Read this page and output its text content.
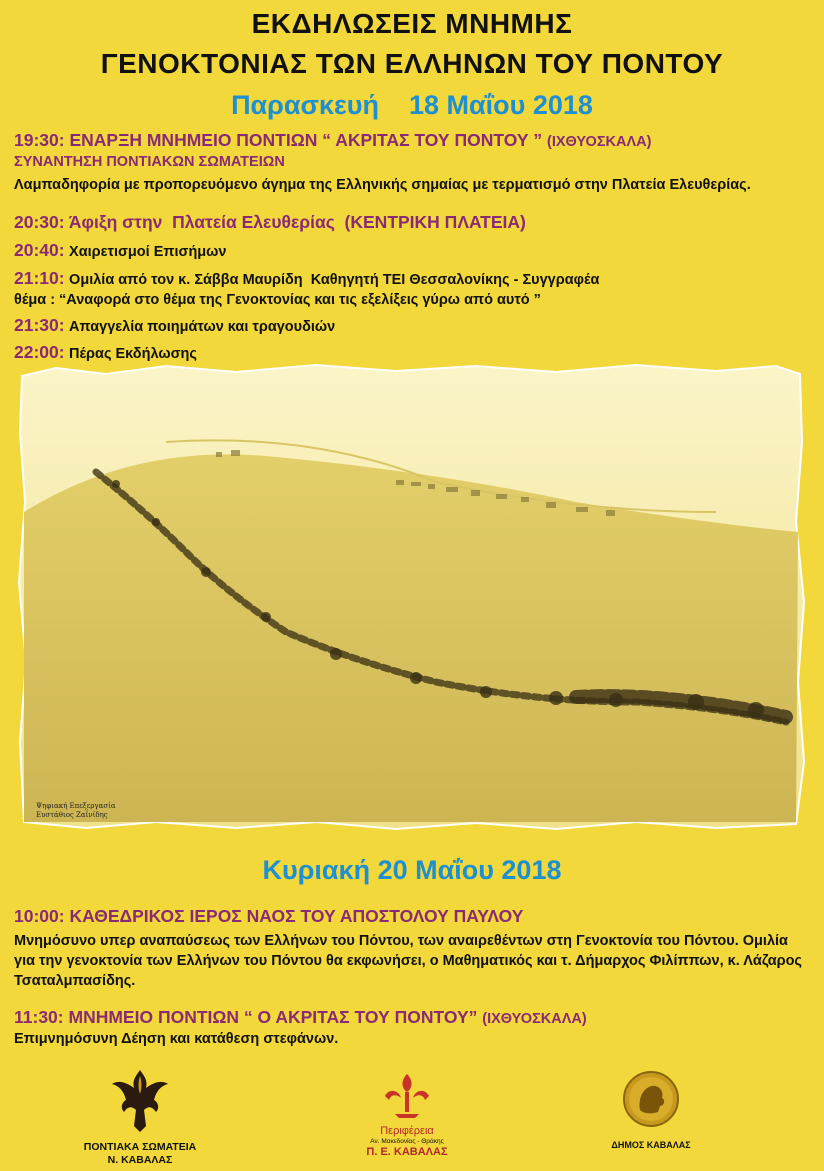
ΕΚΔΗΛΩΣΕΙΣ ΜΝΗΜΗΣ
ΓΕΝΟΚΤΟΝΙΑΣ ΤΩΝ ΕΛΛΗΝΩΝ ΤΟΥ ΠΟΝΤΟΥ
Παρασκευή    18 Μαΐου 2018
19:30: ΕΝΑΡΞΗ ΜΝΗΜΕΙΟ ΠΟΝΤΙΩΝ “ ΑΚΡΙΤΑΣ ΤΟΥ ΠΟΝΤΟΥ ” (ΙΧΘΥΟΣΚΑΛΑ)
ΣΥΝΑΝΤΗΣΗ ΠΟΝΤΙΑΚΩΝ ΣΩΜΑΤΕΙΩΝ
Λαμπαδηφορία με προπορευόμενο άγημα της Ελληνικής σημαίας με τερματισμό στην Πλατεία Ελευθερίας.
20:30: Άφιξη στην  Πλατεία Ελευθερίας  (ΚΕΝΤΡΙΚΗ ΠΛΑΤΕΙΑ)
20:40: Χαιρετισμοί Επισήμων
21:10: Ομιλία από τον κ. Σάββα Μαυρίδη  Καθηγητή ΤΕΙ Θεσσαλονίκης - Συγγραφέα
θέμα : “Αναφορά στο θέμα της Γενοκτονίας και τις εξελίξεις γύρω από αυτό ”
21:30: Απαγγελία ποιημάτων και τραγουδιών
22:00: Πέρας Εκδήλωσης
Ψηφιακή Επεξεργασία
Ευστάθιος Ζαΐνίδης
Κυριακή 20 Μαΐου 2018
10:00: ΚΑΘΕΔΡΙΚΟΣ ΙΕΡΟΣ ΝΑΟΣ ΤΟΥ ΑΠΟΣΤΟΛΟΥ ΠΑΥΛΟΥ
Μνημόσυνο υπερ αναπαύσεως των Ελλήνων του Πόντου, των αναιρεθέντων στη Γενοκτονία του Πόντου. Ομιλία για την γενοκτονία των Ελλήνων του Πόντου θα εκφωνήσει, ο Μαθηματικός και τ. Δήμαρχος Φιλίππων, κ. Λάζαρος Τσαταλμπασίδης.
11:30: ΜΝΗΜΕΙΟ ΠΟΝΤΙΩΝ “ Ο ΑΚΡΙΤΑΣ ΤΟΥ ΠΟΝΤΟΥ” (ΙΧΘΥΟΣΚΑΛΑ)
Επιμνημόσυνη Δέηση και κατάθεση στεφάνων.
ΠΟΝΤΙΑΚΑ ΣΩΜΑΤΕΙΑ
Ν. ΚΑΒΑΛΑΣ
Περιφέρεια
Αν. Μακεδονίας - Θράκης
Π. Ε. ΚΑΒΑΛΑΣ
ΔΗΜΟΣ ΚΑΒΑΛΑΣ
